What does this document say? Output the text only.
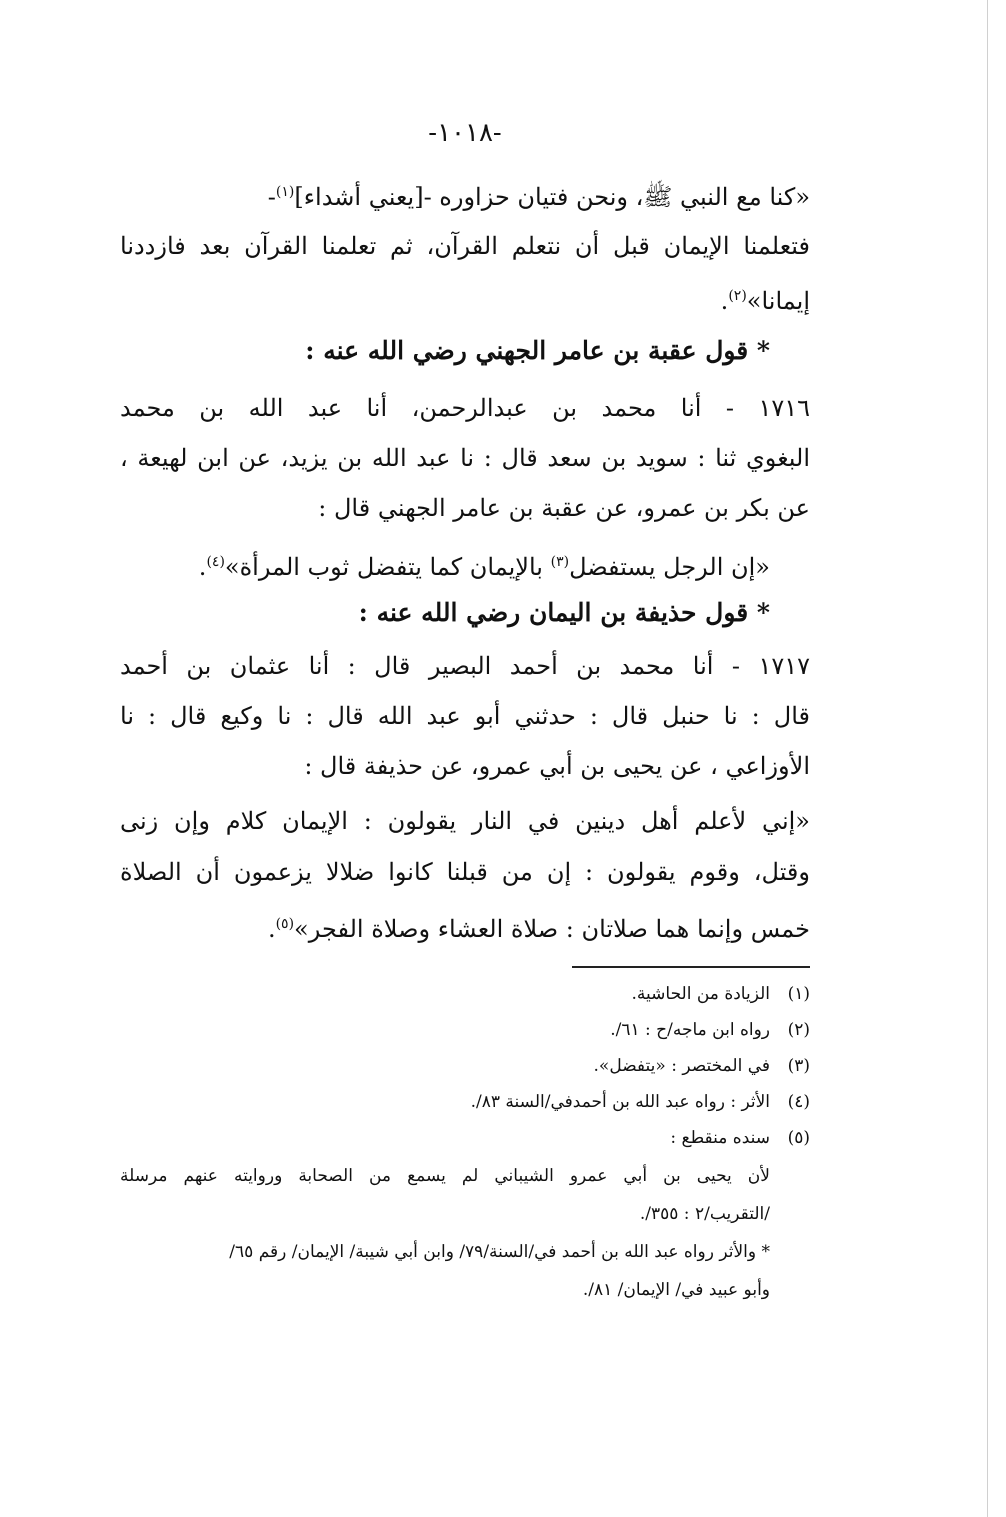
-١٠١٨-
«كنا مع النبي ﷺ، ونحن فتيان حزاوره -[يعني أشداء]$^{(١)}$-
فتعلمنا الإيمان قبل أن نتعلم القرآن، ثم تعلمنا القرآن بعد فازددنا
إيمانا»$^{(٢)}$.
* قول عقبة بن عامر الجهني رضي الله عنه :
١٧١٦ - أنا محمد بن عبدالرحمن، أنا عبد الله بن محمد
البغوي ثنا : سويد بن سعد قال : نا عبد الله بن يزيد، عن ابن لهيعة ،
عن بكر بن عمرو، عن عقبة بن عامر الجهني قال :
«إن الرجل يستفضل$^{(٣)}$ بالإيمان كما يتفضل ثوب المرأة»$^{(٤)}$.
* قول حذيفة بن اليمان رضي الله عنه :
١٧١٧ - أنا محمد بن أحمد البصير قال : أنا عثمان بن أحمد
قال : نا حنبل قال : حدثني أبو عبد الله قال : نا وكيع قال : نا
الأوزاعي ، عن يحيى بن أبي عمرو، عن حذيفة قال :
«إني لأعلم أهل دينين في النار يقولون : الإيمان كلام وإن زنى
وقتل، وقوم يقولون : إن من قبلنا كانوا ضلالا يزعمون أن الصلاة
خمس وإنما هما صلاتان : صلاة العشاء وصلاة الفجر»$^{(٥)}$.
(١)الزيادة من الحاشية.
(٢)رواه ابن ماجه/ح : ٦١/.
(٣)في المختصر : «يتفضل».
(٤)الأثر : رواه عبد الله بن أحمدفي/السنة ٨٣/.
(٥)سنده منقطع :
لأن يحيى بن أبي عمرو الشيباني لم يسمع من الصحابة وروايته عنهم مرسلة
/التقريب/٢ : ٣٥٥/.
* والأثر رواه عبد الله بن أحمد في/السنة/٧٩/ وابن أبي شيبة/ الإيمان/ رقم ٦٥/
وأبو عبيد في/ الإيمان/ ٨١/.
